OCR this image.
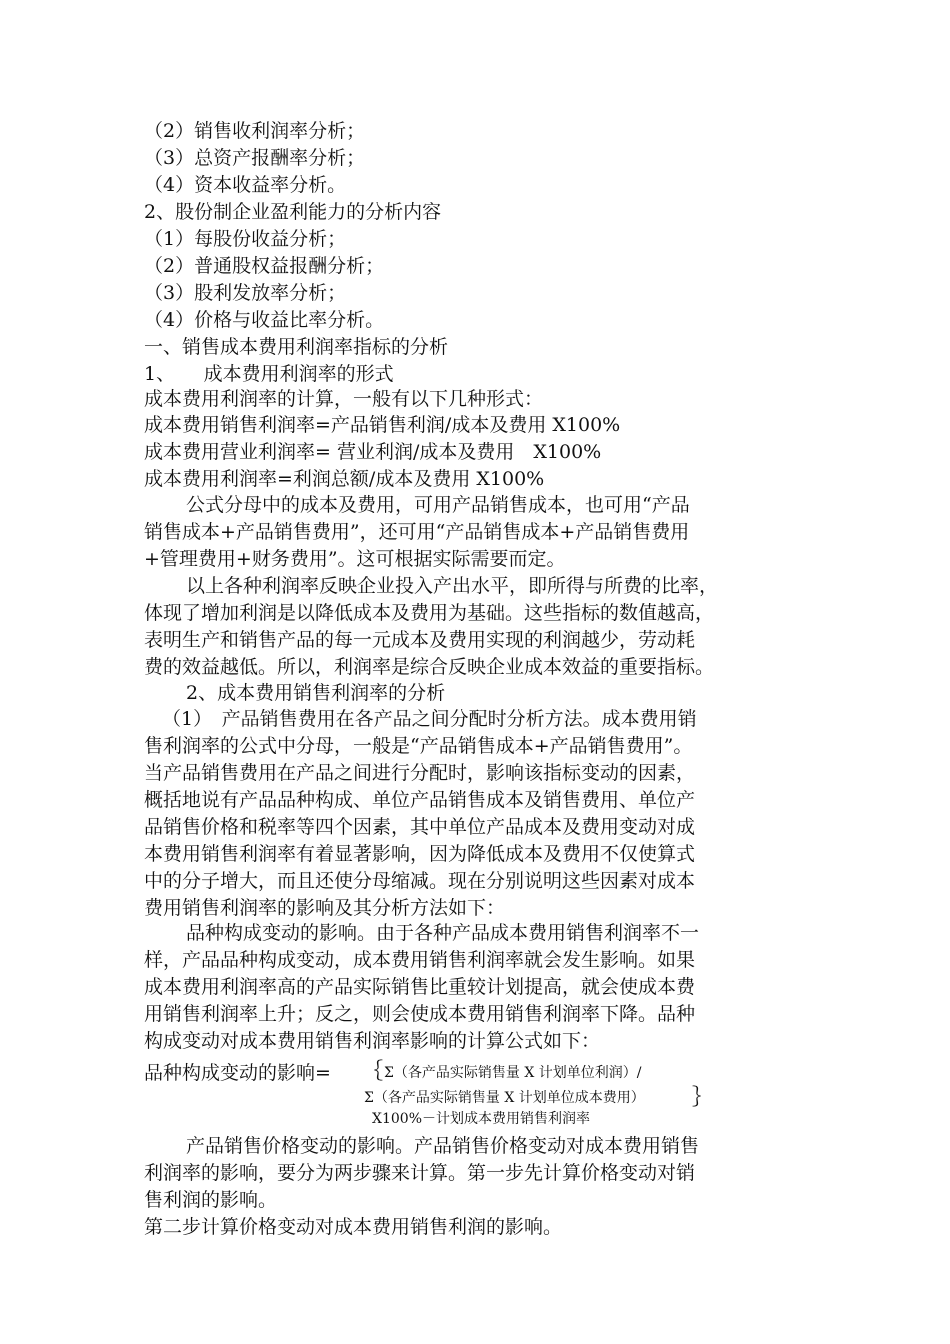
（2）销售收利润率分析；
（3）总资产报酬率分析；
（4）资本收益率分析。
2、股份制企业盈利能力的分析内容
（1）每股份收益分析；
（2）普通股权益报酬分析；
（3）股利发放率分析；
（4）价格与收益比率分析。
一、销售成本费用利润率指标的分析
1、　　成本费用利润率的形式
成本费用利润率的计算，一般有以下几种形式：
成本费用销售利润率=产品销售利润/成本及费用 X100%
成本费用营业利润率= 营业利润/成本及费用　X100%
成本费用利润率=利润总额/成本及费用 X100%
公式分母中的成本及费用，可用产品销售成本，也可用“产品
销售成本+产品销售费用”，还可用“产品销售成本+产品销售费用
+管理费用+财务费用”。这可根据实际需要而定。
以上各种利润率反映企业投入产出水平，即所得与所费的比率，
体现了增加利润是以降低成本及费用为基础。这些指标的数值越高，
表明生产和销售产品的每一元成本及费用实现的利润越少，劳动耗
费的效益越低。所以，利润率是综合反映企业成本效益的重要指标。
2、成本费用销售利润率的分析
（1）　产品销售费用在各产品之间分配时分析方法。成本费用销
售利润率的公式中分母，一般是“产品销售成本+产品销售费用”。
当产品销售费用在产品之间进行分配时，影响该指标变动的因素，
概括地说有产品品种构成、单位产品销售成本及销售费用、单位产
品销售价格和税率等四个因素，其中单位产品成本及费用变动对成
本费用销售利润率有着显著影响，因为降低成本及费用不仅使算式
中的分子增大，而且还使分母缩减。现在分别说明这些因素对成本
费用销售利润率的影响及其分析方法如下：
品种构成变动的影响。由于各种产品成本费用销售利润率不一
样，产品品种构成变动，成本费用销售利润率就会发生影响。如果
成本费用利润率高的产品实际销售比重较计划提高，就会使成本费
用销售利润率上升；反之，则会使成本费用销售利润率下降。品种
构成变动对成本费用销售利润率影响的计算公式如下：
品种构成变动的影响= ｛ Σ（各产品实际销售量 X 计划单位利润）/
Σ（各产品实际销售量 X 计划单位成本费用） ｝
X100%－计划成本费用销售利润率
产品销售价格变动的影响。产品销售价格变动对成本费用销售
利润率的影响，要分为两步骤来计算。第一步先计算价格变动对销
售利润的影响。
第二步计算价格变动对成本费用销售利润的影响。
